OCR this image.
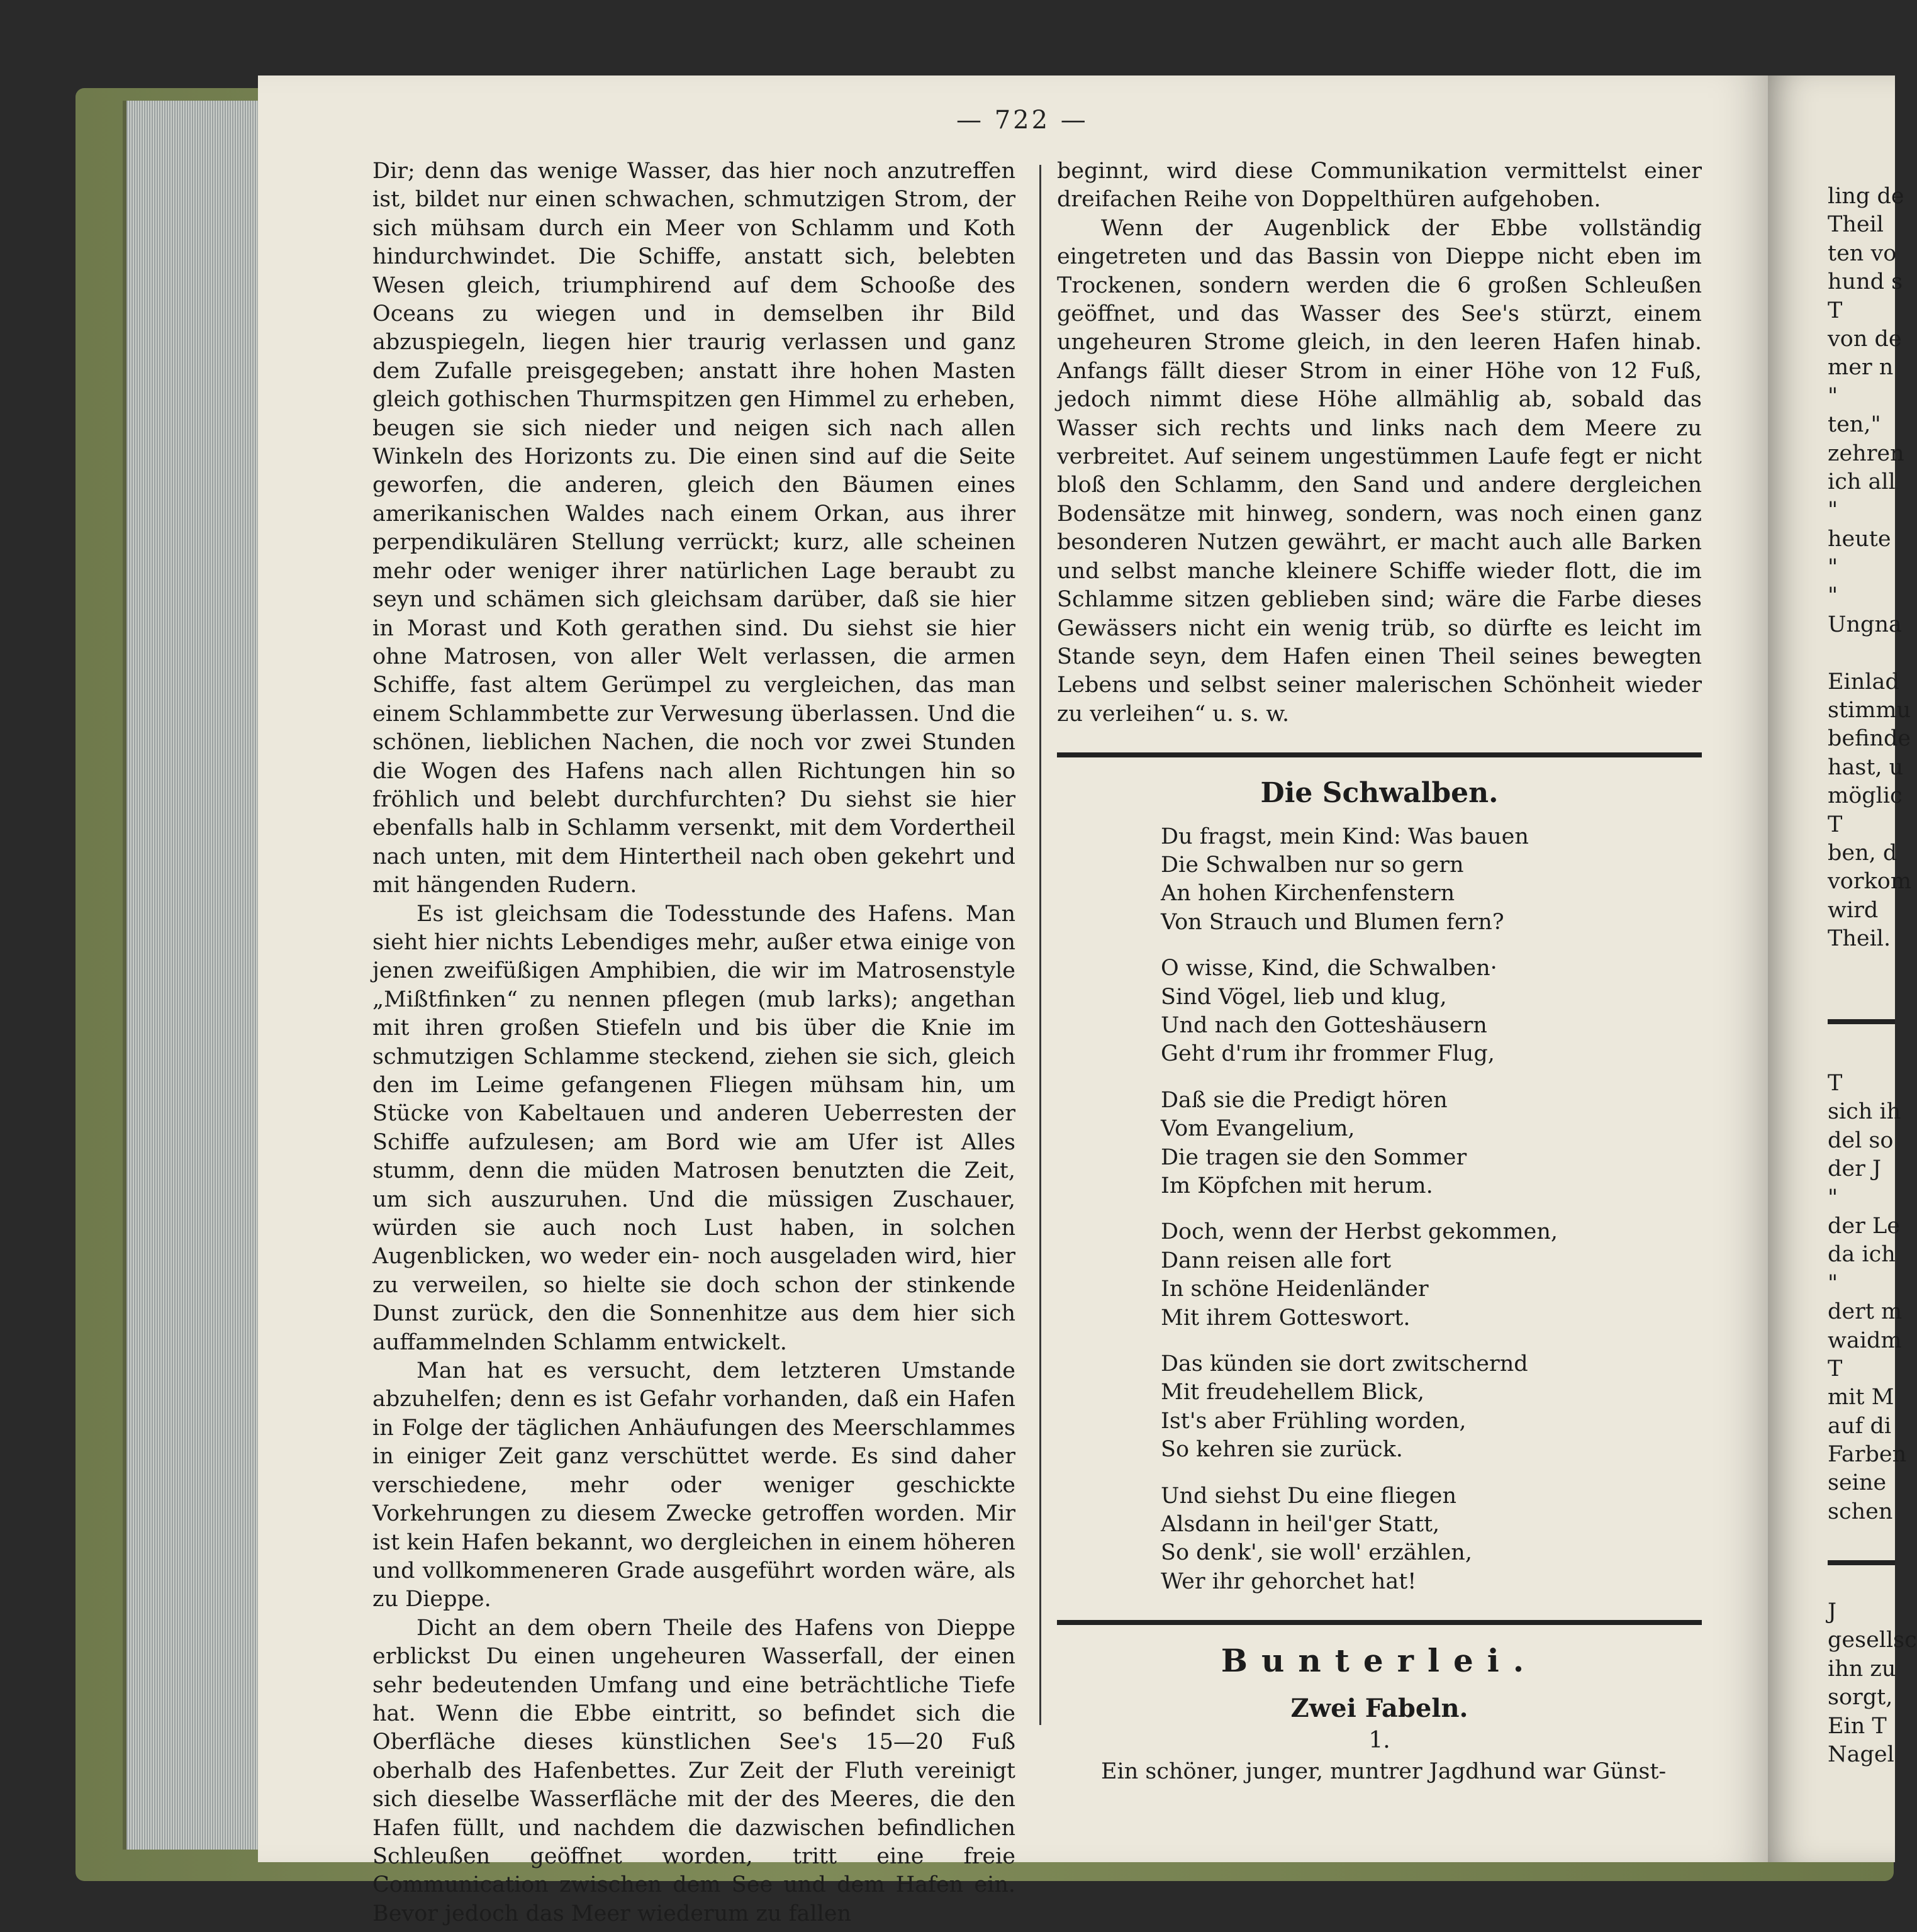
— 722 —

Dir; denn das wenige Wasser, das hier noch anzutreffen ist, bildet nur einen schwachen, schmutzigen Strom, der sich mühsam durch ein Meer von Schlamm und Koth hindurchwindet. Die Schiffe, anstatt sich, belebten Wesen gleich, triumphirend auf dem Schooße des Oceans zu wiegen und in demselben ihr Bild abzuspiegeln, liegen hier traurig verlassen und ganz dem Zufalle preisgegeben; anstatt ihre hohen Masten gleich gothischen Thurmspitzen gen Himmel zu erheben, beugen sie sich nieder und neigen sich nach allen Winkeln des Horizonts zu. Die einen sind auf die Seite geworfen, die anderen, gleich den Bäumen eines amerikanischen Waldes nach einem Orkan, aus ihrer perpendikulären Stellung verrückt; kurz, alle scheinen mehr oder weniger ihrer natürlichen Lage beraubt zu seyn und schämen sich gleichsam darüber, daß sie hier in Morast und Koth gerathen sind. Du siehst sie hier ohne Matrosen, von aller Welt verlassen, die armen Schiffe, fast altem Gerümpel zu vergleichen, das man einem Schlammbette zur Verwesung überlassen. Und die schönen, lieblichen Nachen, die noch vor zwei Stunden die Wogen des Hafens nach allen Richtungen hin so fröhlich und belebt durchfurchten? Du siehst sie hier ebenfalls halb in Schlamm versenkt, mit dem Vordertheil nach unten, mit dem Hintertheil nach oben gekehrt und mit hängenden Rudern.

Es ist gleichsam die Todesstunde des Hafens. Man sieht hier nichts Lebendiges mehr, außer etwa einige von jenen zweifüßigen Amphibien, die wir im Matrosenstyle „Mißtfinken“ zu nennen pflegen (mub larks); angethan mit ihren großen Stiefeln und bis über die Knie im schmutzigen Schlamme steckend, ziehen sie sich, gleich den im Leime gefangenen Fliegen mühsam hin, um Stücke von Kabeltauen und anderen Ueberresten der Schiffe aufzulesen; am Bord wie am Ufer ist Alles stumm, denn die müden Matrosen benutzten die Zeit, um sich auszuruhen. Und die müssigen Zuschauer, würden sie auch noch Lust haben, in solchen Augenblicken, wo weder ein- noch ausgeladen wird, hier zu verweilen, so hielte sie doch schon der stinkende Dunst zurück, den die Sonnenhitze aus dem hier sich auffammelnden Schlamm entwickelt.

Man hat es versucht, dem letzteren Umstande abzuhelfen; denn es ist Gefahr vorhanden, daß ein Hafen in Folge der täglichen Anhäufungen des Meerschlammes in einiger Zeit ganz verschüttet werde. Es sind daher verschiedene, mehr oder weniger geschickte Vorkehrungen zu diesem Zwecke getroffen worden. Mir ist kein Hafen bekannt, wo dergleichen in einem höheren und vollkommeneren Grade ausgeführt worden wäre, als zu Dieppe.

Dicht an dem obern Theile des Hafens von Dieppe erblickst Du einen ungeheuren Wasserfall, der einen sehr bedeutenden Umfang und eine beträchtliche Tiefe hat. Wenn die Ebbe eintritt, so befindet sich die Oberfläche dieses künstlichen See's 15—20 Fuß oberhalb des Hafenbettes. Zur Zeit der Fluth vereinigt sich dieselbe Wasserfläche mit der des Meeres, die den Hafen füllt, und nachdem die dazwischen befindlichen Schleußen geöffnet worden, tritt eine freie Communication zwischen dem See und dem Hafen ein. Bevor jedoch das Meer wiederum zu fallen

beginnt, wird diese Communikation vermittelst einer dreifachen Reihe von Doppelthüren aufgehoben.

Wenn der Augenblick der Ebbe vollständig eingetreten und das Bassin von Dieppe nicht eben im Trockenen, sondern werden die 6 großen Schleußen geöffnet, und das Wasser des See's stürzt, einem ungeheuren Strome gleich, in den leeren Hafen hinab. Anfangs fällt dieser Strom in einer Höhe von 12 Fuß, jedoch nimmt diese Höhe allmählig ab, sobald das Wasser sich rechts und links nach dem Meere zu verbreitet. Auf seinem ungestümmen Laufe fegt er nicht bloß den Schlamm, den Sand und andere dergleichen Bodensätze mit hinweg, sondern, was noch einen ganz besonderen Nutzen gewährt, er macht auch alle Barken und selbst manche kleinere Schiffe wieder flott, die im Schlamme sitzen geblieben sind; wäre die Farbe dieses Gewässers nicht ein wenig trüb, so dürfte es leicht im Stande seyn, dem Hafen einen Theil seines bewegten Lebens und selbst seiner malerischen Schönheit wieder zu verleihen“ u. s. w.

Die Schwalben.
Du fragst, mein Kind: Was bauen
Die Schwalben nur so gern
An hohen Kirchenfenstern
Von Strauch und Blumen fern?
O wisse, Kind, die Schwalben·
Sind Vögel, lieb und klug,
Und nach den Gotteshäusern
Geht d'rum ihr frommer Flug,
Daß sie die Predigt hören
Vom Evangelium,
Die tragen sie den Sommer
Im Köpfchen mit herum.
Doch, wenn der Herbst gekommen,
Dann reisen alle fort
In schöne Heidenländer
Mit ihrem Gotteswort.
Das künden sie dort zwitschernd
Mit freudehellem Blick,
Ist's aber Frühling worden,
So kehren sie zurück.
Und siehst Du eine fliegen
Alsdann in heil'ger Statt,
So denk', sie woll' erzählen,
Wer ihr gehorchet hat!
Bunterlei.
Zwei Fabeln.
1.
Ein schöner, junger, muntrer Jagdhund war Günst-
ling de
Theil
ten vo
hund s
T
von de
mer n
"
ten,"
zehren
ich all
"
heute
"
"
Ungna
Einlad
stimmu
befinde
hast, u
möglic
T
ben, d
vorkom
wird
Theil.
T
sich ih
del so
der J
"
der Le
da ich
"
dert m
waidm
T
mit M
auf di
Farben
seine
schen
J
gesellsc
ihn zu
sorgt,
Ein T
Nagel
